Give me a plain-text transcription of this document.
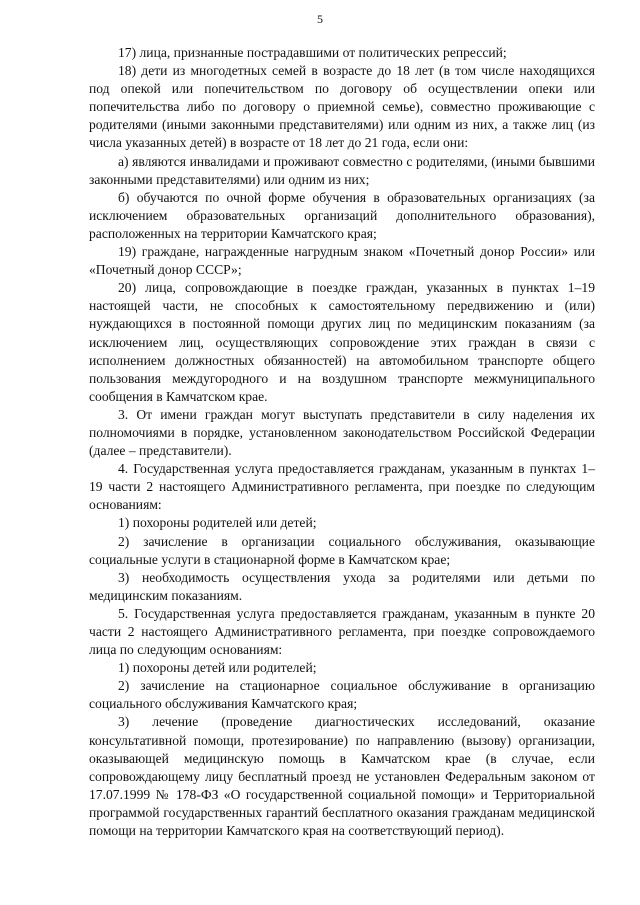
5

17) лица, признанные пострадавшими от политических репрессий;

18) дети из многодетных семей в возрасте до 18 лет (в том числе находящихся под опекой или попечительством по договору об осуществлении опеки или попечительства либо по договору о приемной семье), совместно проживающие с родителями (иными законными представителями) или одним из них, а также лиц (из числа указанных детей) в возрасте от 18 лет до 21 года, если они:

а) являются инвалидами и проживают совместно с родителями, (иными бывшими законными представителями) или одним из них;

б) обучаются по очной форме обучения в образовательных организациях (за исключением образовательных организаций дополнительного образования), расположенных на территории Камчатского края;

19) граждане, награжденные нагрудным знаком «Почетный донор России» или «Почетный донор СССР»;

20) лица, сопровождающие в поездке граждан, указанных в пунктах 1–19 настоящей части, не способных к самостоятельному передвижению и (или) нуждающихся в постоянной помощи других лиц по медицинским показаниям (за исключением лиц, осуществляющих сопровождение этих граждан в связи с исполнением должностных обязанностей) на автомобильном транспорте общего пользования междугородного и на воздушном транспорте межмуниципального сообщения в Камчатском крае.

3. От имени граждан могут выступать представители в силу наделения их полномочиями в порядке, установленном законодательством Российской Федерации (далее – представители).

4. Государственная услуга предоставляется гражданам, указанным в пунктах 1–19 части 2 настоящего Административного регламента, при поездке по следующим основаниям:

1) похороны родителей или детей;

2) зачисление в организации социального обслуживания, оказывающие социальные услуги в стационарной форме в Камчатском крае;

3) необходимость осуществления ухода за родителями или детьми по медицинским показаниям.

5. Государственная услуга предоставляется гражданам, указанным в пункте 20 части 2 настоящего Административного регламента, при поездке сопровождаемого лица по следующим основаниям:

1) похороны детей или родителей;

2) зачисление на стационарное социальное обслуживание в организацию социального обслуживания Камчатского края;

3) лечение (проведение диагностических исследований, оказание консультативной помощи, протезирование) по направлению (вызову) организации, оказывающей медицинскую помощь в Камчатском крае (в случае, если сопровождающему лицу бесплатный проезд не установлен Федеральным законом от 17.07.1999 № 178-ФЗ «О государственной социальной помощи» и Территориальной программой государственных гарантий бесплатного оказания гражданам медицинской помощи на территории Камчатского края на соответствующий период).
